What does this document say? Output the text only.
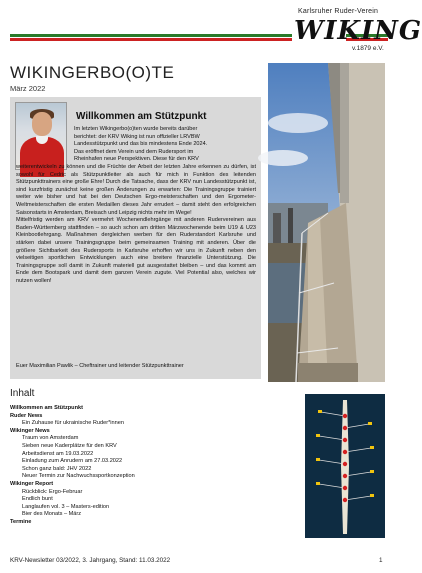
Karlsruher Ruder-Verein
WIKING
v.1879 e.V.
WIKINGERBO(O)TE
März 2022
Willkommen am Stützpunkt

Im letzten Wikingerbo(o)ten wurde bereits darüber
berichtet: der KRV Wiking ist nun offizieller LRVBW
Landesstützpunkt und das bis mindestens Ende 2024.
Das eröffnet dem Verein und dem Rudersport im
Rheinhafen neue Perspektiven. Diese für den KRV
weiterentwickeln zu können und die Früchte der Arbeit der letzten Jahre erkennen zu dürfen, ist sowohl für Cedric als Stützpunktleiter als auch für mich in Funktion des leitenden Stützpunkttrainers eine große Ehre! Durch die Tatsache, dass der KRV nun Landesstützpunkt ist, sind kurzfristig zunächst keine großen Änderungen zu erwarten: Die Trainingsgruppe trainiert weiter wie bisher und hat bei den Deutschen Ergo-meisterschaften und den Ergometer-Weltmeisterschaften die ersten Medaillen dieses Jahr errudert – damit steht den erfolgreichen Saisonstarts in Amsterdam, Breisach und Leipzig nichts mehr im Wege!

Mittelfristig werden am KRV vermehrt Wochenendlehrgänge mit anderen Rudervereinen aus Baden-Württemberg stattfinden – so auch schon am dritten Märzwochenende beim U19 & U23 Kleinbootlehrgang. Maßnahmen dergleichen werben für den Ruderstandort Karlsruhe und stärken dabei unsere Trainingsgruppe beim gemeinsamen Training mit anderen. Über die größere Sichtbarkeit des Rudersports in Karlsruhe erhoffen wir uns in Zukunft neben den vielseitigen sportlichen Entwicklungen auch eine breitere finanzielle Unterstützung. Die Trainingsgruppe soll damit in Zukunft materiell gut ausgestattet bleiben – und das kommt am Ende dem Bootspark und damit dem ganzen Verein zugute. Viel Potential also, welches wir nutzen wollen!

Euer Maximilian Pawlik – Cheftrainer und leitender Stützpunkttrainer
Inhalt
Willkommen am Stützpunkt
Ruder News
Ein Zuhause für ukrainische Ruder*innen
Wikinger News
Traum von Amsterdam
Sieben neue Kaderplätze für den KRV
Arbeitsdienst am 19.03.2022
Einladung zum Anrudern am 27.03.2022
Schon ganz bald: JHV 2022
Neuer Termin zur Nachwuchssportkonzeption
Wikinger Report
Rückblick: Ergo-Februar
Endlich bunt
Langlaufen vol. 3 – Masters-edition
Bier des Monats – März
Termine
KRV-Newsletter 03/2022, 3. Jahrgang, Stand: 11.03.2022	1
